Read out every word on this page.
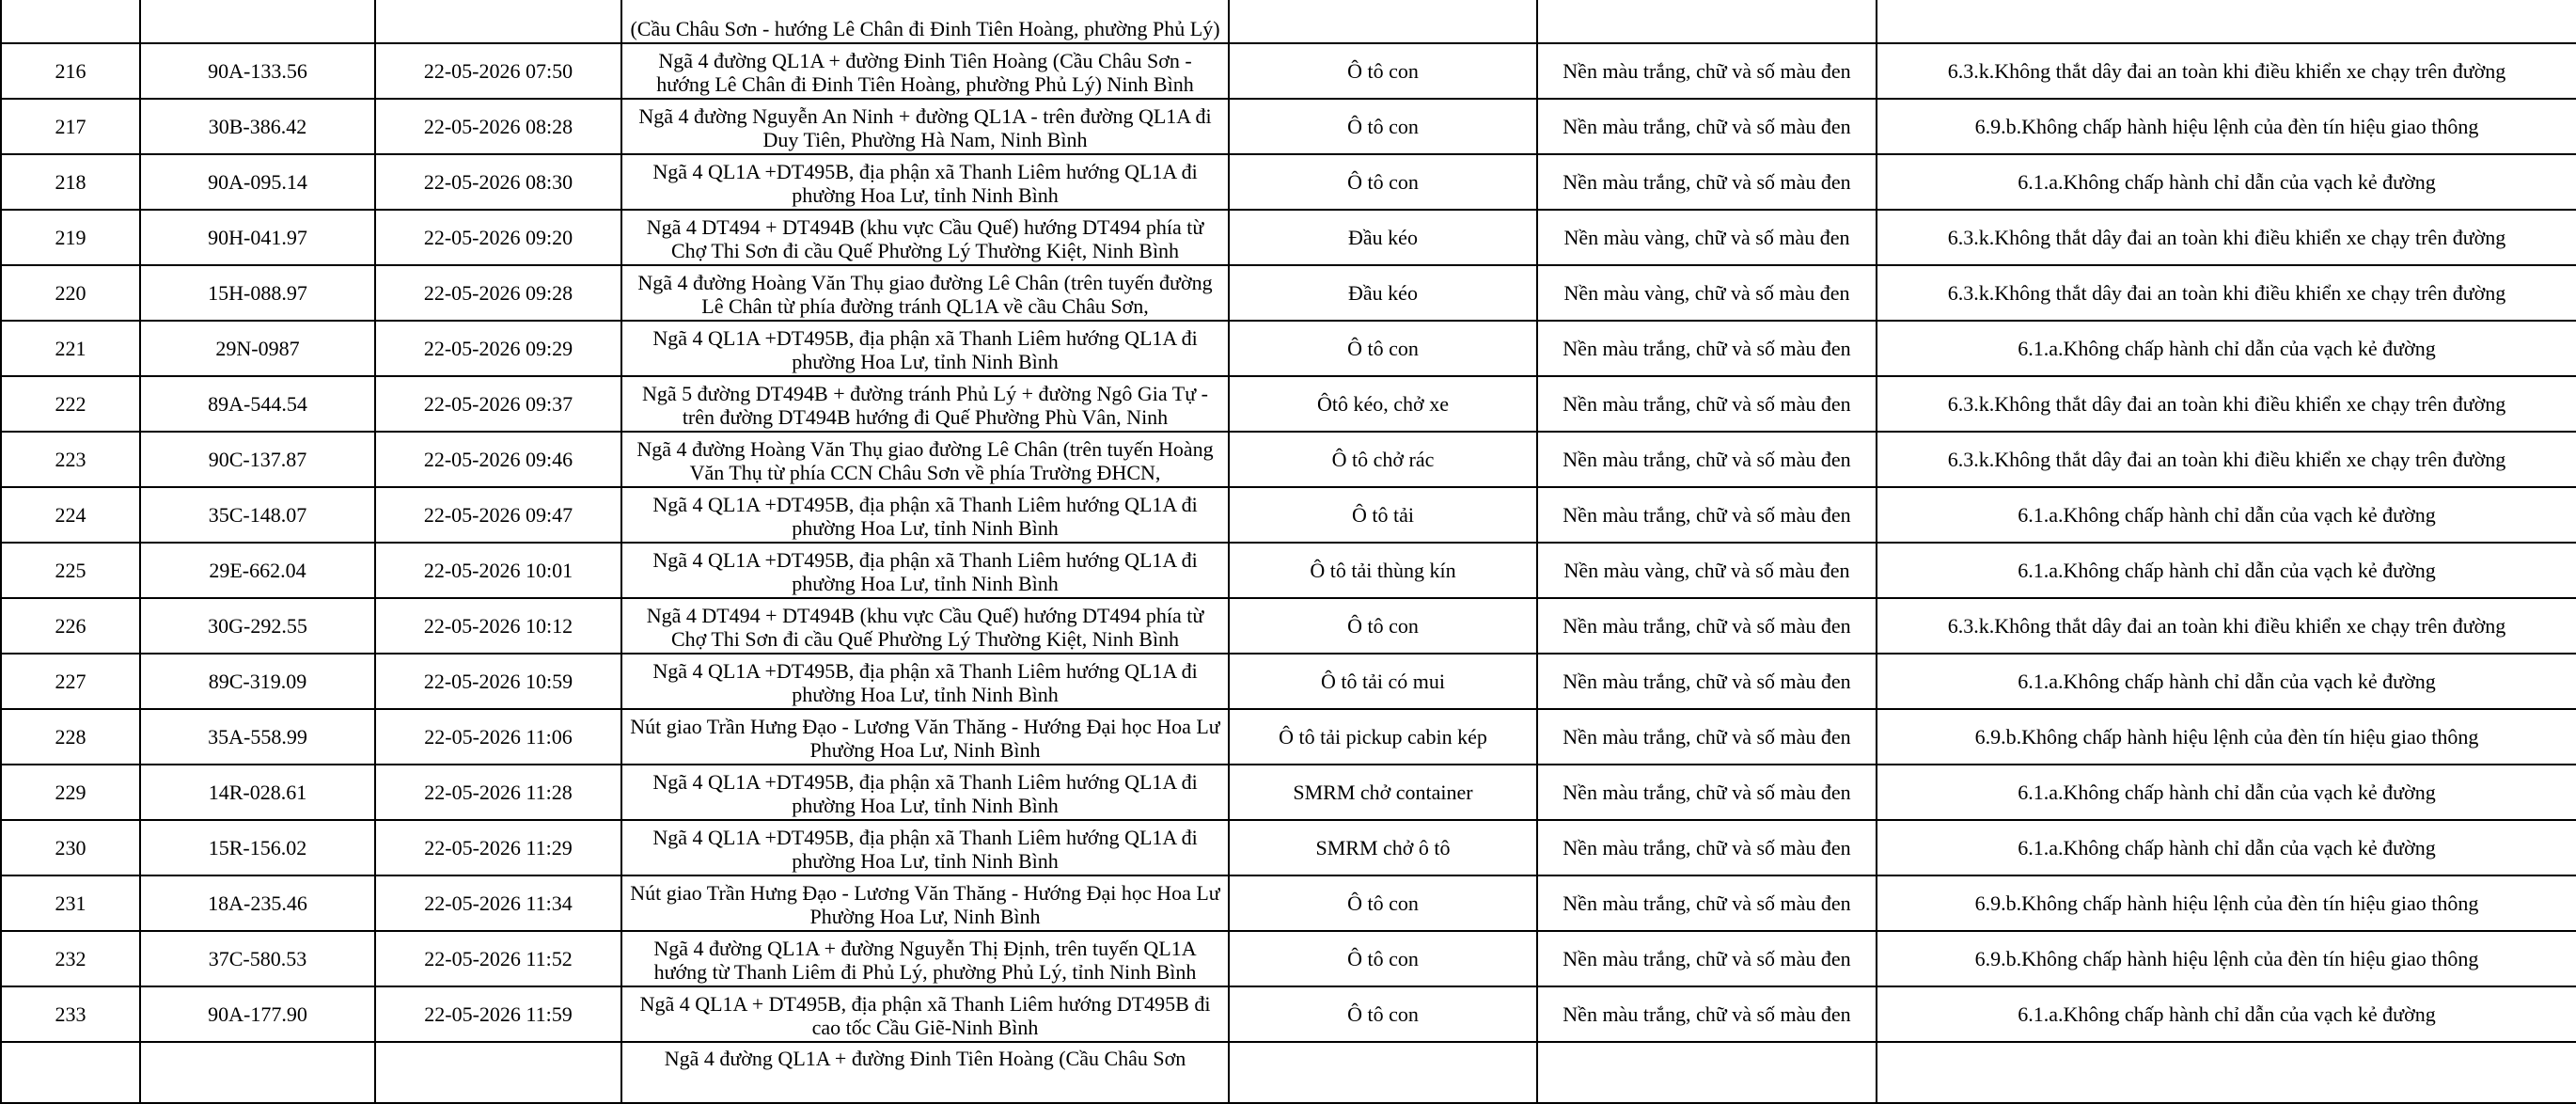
			(Cầu Châu Sơn - hướng Lê Chân đi Đinh Tiên Hoàng, phường Phủ Lý)			

216	90A-133.56	22-05-2026 07:50	Ngã 4 đường QL1A + đường Đinh Tiên Hoàng (Cầu Châu Sơn - hướng Lê Chân đi Đinh Tiên Hoàng, phường Phủ Lý) Ninh Bình	Ô tô con	Nền màu trắng, chữ và số màu đen	6.3.k.Không thắt dây đai an toàn khi điều khiển xe chạy trên đường
217	30B-386.42	22-05-2026 08:28	Ngã 4 đường Nguyễn An Ninh + đường QL1A - trên đường QL1A đi Duy Tiên, Phường Hà Nam, Ninh Bình	Ô tô con	Nền màu trắng, chữ và số màu đen	6.9.b.Không chấp hành hiệu lệnh của đèn tín hiệu giao thông
218	90A-095.14	22-05-2026 08:30	Ngã 4 QL1A +DT495B, địa phận xã Thanh Liêm hướng QL1A đi phường Hoa Lư, tỉnh Ninh Bình	Ô tô con	Nền màu trắng, chữ và số màu đen	6.1.a.Không chấp hành chỉ dẫn của vạch kẻ đường
219	90H-041.97	22-05-2026 09:20	Ngã 4 DT494 + DT494B (khu vực Cầu Quế) hướng DT494 phía từ Chợ Thi Sơn đi cầu Quế Phường Lý Thường Kiệt, Ninh Bình	Đầu kéo	Nền màu vàng, chữ và số màu đen	6.3.k.Không thắt dây đai an toàn khi điều khiển xe chạy trên đường
220	15H-088.97	22-05-2026 09:28	Ngã 4 đường Hoàng Văn Thụ giao đường Lê Chân (trên tuyến đường Lê Chân từ phía đường tránh QL1A về cầu Châu Sơn,	Đầu kéo	Nền màu vàng, chữ và số màu đen	6.3.k.Không thắt dây đai an toàn khi điều khiển xe chạy trên đường
221	29N-0987	22-05-2026 09:29	Ngã 4 QL1A +DT495B, địa phận xã Thanh Liêm hướng QL1A đi phường Hoa Lư, tỉnh Ninh Bình	Ô tô con	Nền màu trắng, chữ và số màu đen	6.1.a.Không chấp hành chỉ dẫn của vạch kẻ đường
222	89A-544.54	22-05-2026 09:37	Ngã 5 đường DT494B + đường tránh Phủ Lý + đường Ngô Gia Tự - trên đường DT494B hướng đi Quế Phường Phù Vân, Ninh	Ôtô kéo, chở xe	Nền màu trắng, chữ và số màu đen	6.3.k.Không thắt dây đai an toàn khi điều khiển xe chạy trên đường
223	90C-137.87	22-05-2026 09:46	Ngã 4 đường Hoàng Văn Thụ giao đường Lê Chân (trên tuyến Hoàng Văn Thụ từ phía CCN Châu Sơn về phía Trường ĐHCN,	Ô tô chở rác	Nền màu trắng, chữ và số màu đen	6.3.k.Không thắt dây đai an toàn khi điều khiển xe chạy trên đường
224	35C-148.07	22-05-2026 09:47	Ngã 4 QL1A +DT495B, địa phận xã Thanh Liêm hướng QL1A đi phường Hoa Lư, tỉnh Ninh Bình	Ô tô tải	Nền màu trắng, chữ và số màu đen	6.1.a.Không chấp hành chỉ dẫn của vạch kẻ đường
225	29E-662.04	22-05-2026 10:01	Ngã 4 QL1A +DT495B, địa phận xã Thanh Liêm hướng QL1A đi phường Hoa Lư, tỉnh Ninh Bình	Ô tô tải thùng kín	Nền màu vàng, chữ và số màu đen	6.1.a.Không chấp hành chỉ dẫn của vạch kẻ đường
226	30G-292.55	22-05-2026 10:12	Ngã 4 DT494 + DT494B (khu vực Cầu Quế) hướng DT494 phía từ Chợ Thi Sơn đi cầu Quế Phường Lý Thường Kiệt, Ninh Bình	Ô tô con	Nền màu trắng, chữ và số màu đen	6.3.k.Không thắt dây đai an toàn khi điều khiển xe chạy trên đường
227	89C-319.09	22-05-2026 10:59	Ngã 4 QL1A +DT495B, địa phận xã Thanh Liêm hướng QL1A đi phường Hoa Lư, tỉnh Ninh Bình	Ô tô tải có mui	Nền màu trắng, chữ và số màu đen	6.1.a.Không chấp hành chỉ dẫn của vạch kẻ đường
228	35A-558.99	22-05-2026 11:06	Nút giao Trần Hưng Đạo - Lương Văn Thăng - Hướng Đại học Hoa Lư Phường Hoa Lư, Ninh Bình	Ô tô tải pickup cabin kép	Nền màu trắng, chữ và số màu đen	6.9.b.Không chấp hành hiệu lệnh của đèn tín hiệu giao thông
229	14R-028.61	22-05-2026 11:28	Ngã 4 QL1A +DT495B, địa phận xã Thanh Liêm hướng QL1A đi phường Hoa Lư, tỉnh Ninh Bình	SMRM chở container	Nền màu trắng, chữ và số màu đen	6.1.a.Không chấp hành chỉ dẫn của vạch kẻ đường
230	15R-156.02	22-05-2026 11:29	Ngã 4 QL1A +DT495B, địa phận xã Thanh Liêm hướng QL1A đi phường Hoa Lư, tỉnh Ninh Bình	SMRM chở ô tô	Nền màu trắng, chữ và số màu đen	6.1.a.Không chấp hành chỉ dẫn của vạch kẻ đường
231	18A-235.46	22-05-2026 11:34	Nút giao Trần Hưng Đạo - Lương Văn Thăng - Hướng Đại học Hoa Lư Phường Hoa Lư, Ninh Bình	Ô tô con	Nền màu trắng, chữ và số màu đen	6.9.b.Không chấp hành hiệu lệnh của đèn tín hiệu giao thông
232	37C-580.53	22-05-2026 11:52	Ngã 4 đường QL1A + đường Nguyễn Thị Định, trên tuyến QL1A hướng từ Thanh Liêm đi Phủ Lý, phường Phủ Lý, tỉnh Ninh Bình	Ô tô con	Nền màu trắng, chữ và số màu đen	6.9.b.Không chấp hành hiệu lệnh của đèn tín hiệu giao thông
233	90A-177.90	22-05-2026 11:59	Ngã 4 QL1A + DT495B, địa phận xã Thanh Liêm hướng DT495B đi cao tốc Cầu Giẽ-Ninh Bình	Ô tô con	Nền màu trắng, chữ và số màu đen	6.1.a.Không chấp hành chỉ dẫn của vạch kẻ đường

			Ngã 4 đường QL1A + đường Đinh Tiên Hoàng (Cầu Châu Sơn			
